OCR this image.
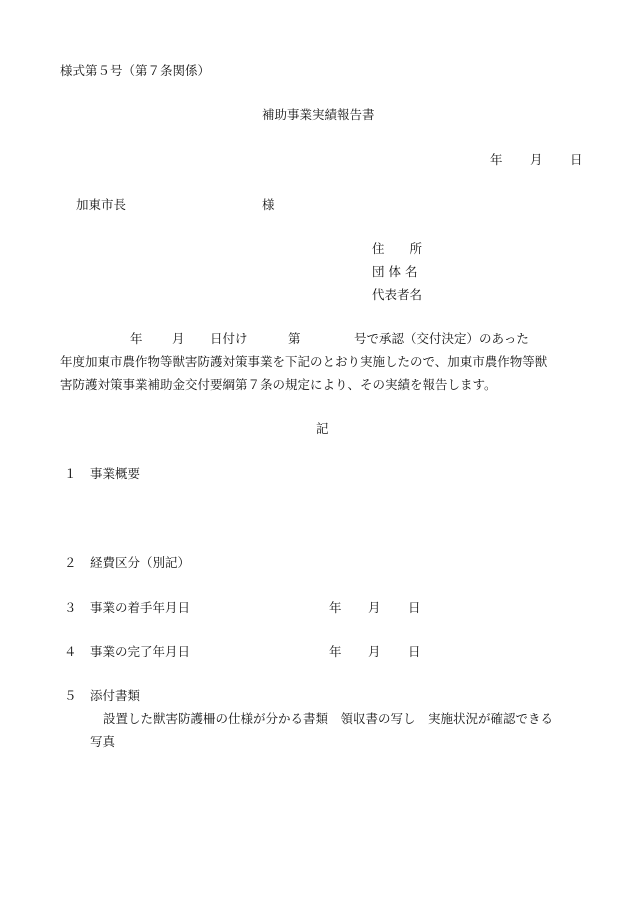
様式第５号（第７条関係）
補助事業実績報告書
年 月 日
加東市長	様
住　　所
団 体 名
代表者名
年 月 日付け	第	号で承認（交付決定）のあった
年度加東市農作物等獣害防護対策事業を下記のとおり実施したので、加東市農作物等獣
害防護対策事業補助金交付要綱第７条の規定により、その実績を報告します。
記
１ 事業概要
２ 経費区分（別記）
３ 事業の着手年月日	年 月 日
４ 事業の完了年月日	年 月 日
５ 添付書類
設置した獣害防護柵の仕様が分かる書類　領収書の写し　実施状況が確認できる
写真
